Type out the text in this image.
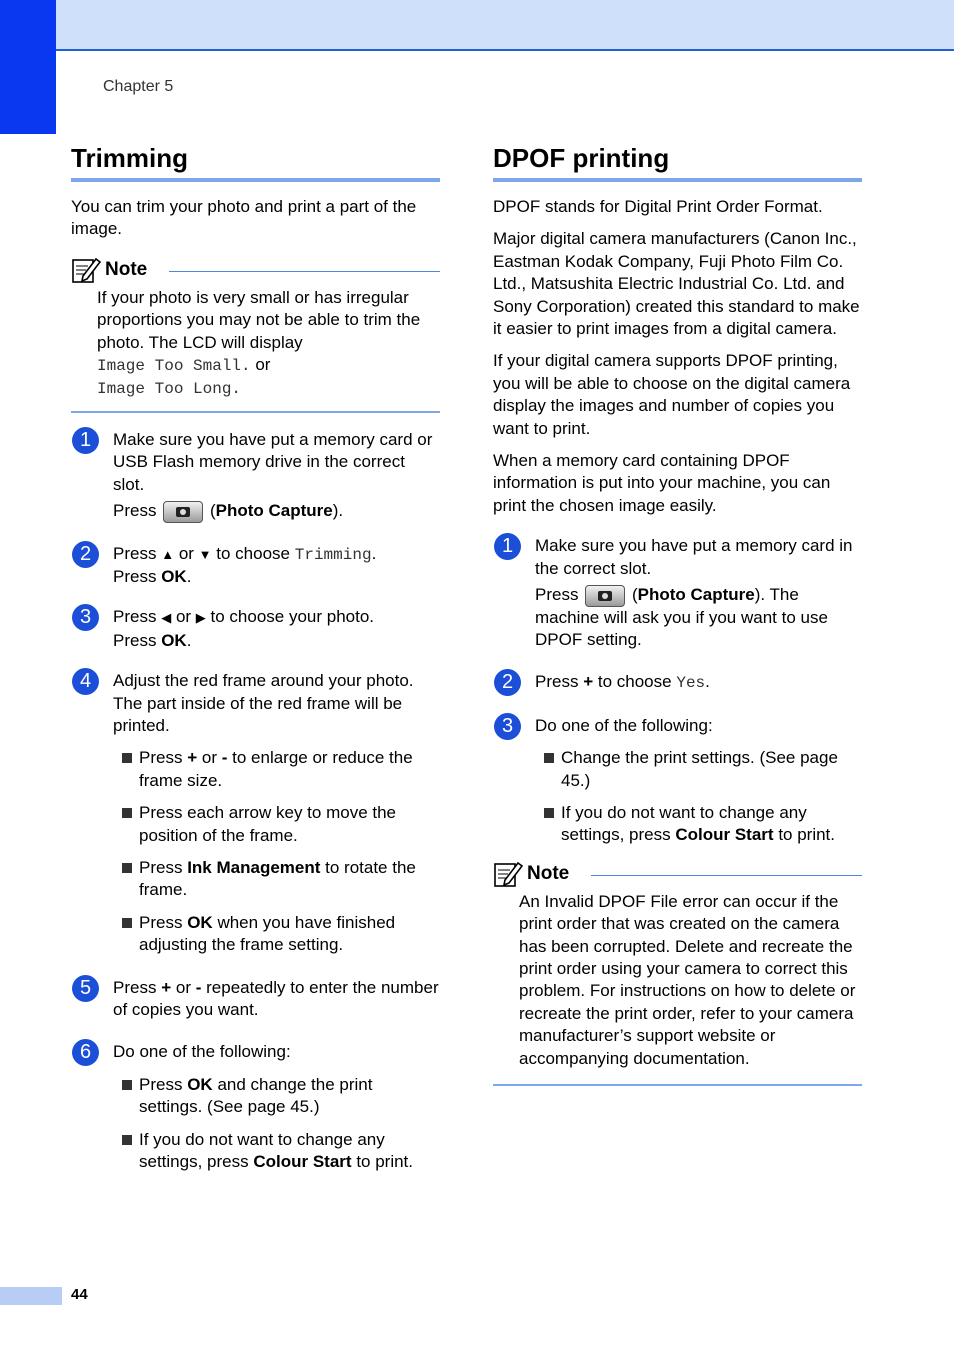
Chapter 5
Trimming

You can trim your photo and print a part of the image.

Note
If your photo is very small or has irregular proportions you may not be able to trim the photo. The LCD will display
Image Too Small. or
Image Too Long.
1	Make sure you have put a memory card or USB Flash memory drive in the correct slot.

Press	(Photo Capture).

2	Press ▲ or ▼ to choose Trimming.
Press OK.

3	Press ◀ or ▶ to choose your photo.
Press OK.

4	Adjust the red frame around your photo. The part inside of the red frame will be printed.

Press + or - to enlarge or reduce the frame size.
Press each arrow key to move the position of the frame.
Press Ink Management to rotate the frame.
Press OK when you have finished adjusting the frame setting.
5	Press + or - repeatedly to enter the number of copies you want.

6	Do one of the following:

Press OK and change the print settings. (See page 45.)
If you do not want to change any settings, press Colour Start to print.
DPOF printing

DPOF stands for Digital Print Order Format.

Major digital camera manufacturers (Canon Inc., Eastman Kodak Company, Fuji Photo Film Co. Ltd., Matsushita Electric Industrial Co. Ltd. and Sony Corporation) created this standard to make it easier to print images from a digital camera.

If your digital camera supports DPOF printing, you will be able to choose on the digital camera display the images and number of copies you want to print.

When a memory card containing DPOF information is put into your machine, you can print the chosen image easily.

1	Make sure you have put a memory card in the correct slot.

Press	(Photo Capture). The machine will ask you if you want to use DPOF setting.

2	Press + to choose Yes.

3	Do one of the following:

Change the print settings. (See page 45.)
If you do not want to change any settings, press Colour Start to print.
Note
An Invalid DPOF File error can occur if the print order that was created on the camera has been corrupted. Delete and recreate the print order using your camera to correct this problem. For instructions on how to delete or recreate the print order, refer to your camera manufacturer’s support website or accompanying documentation.
44
